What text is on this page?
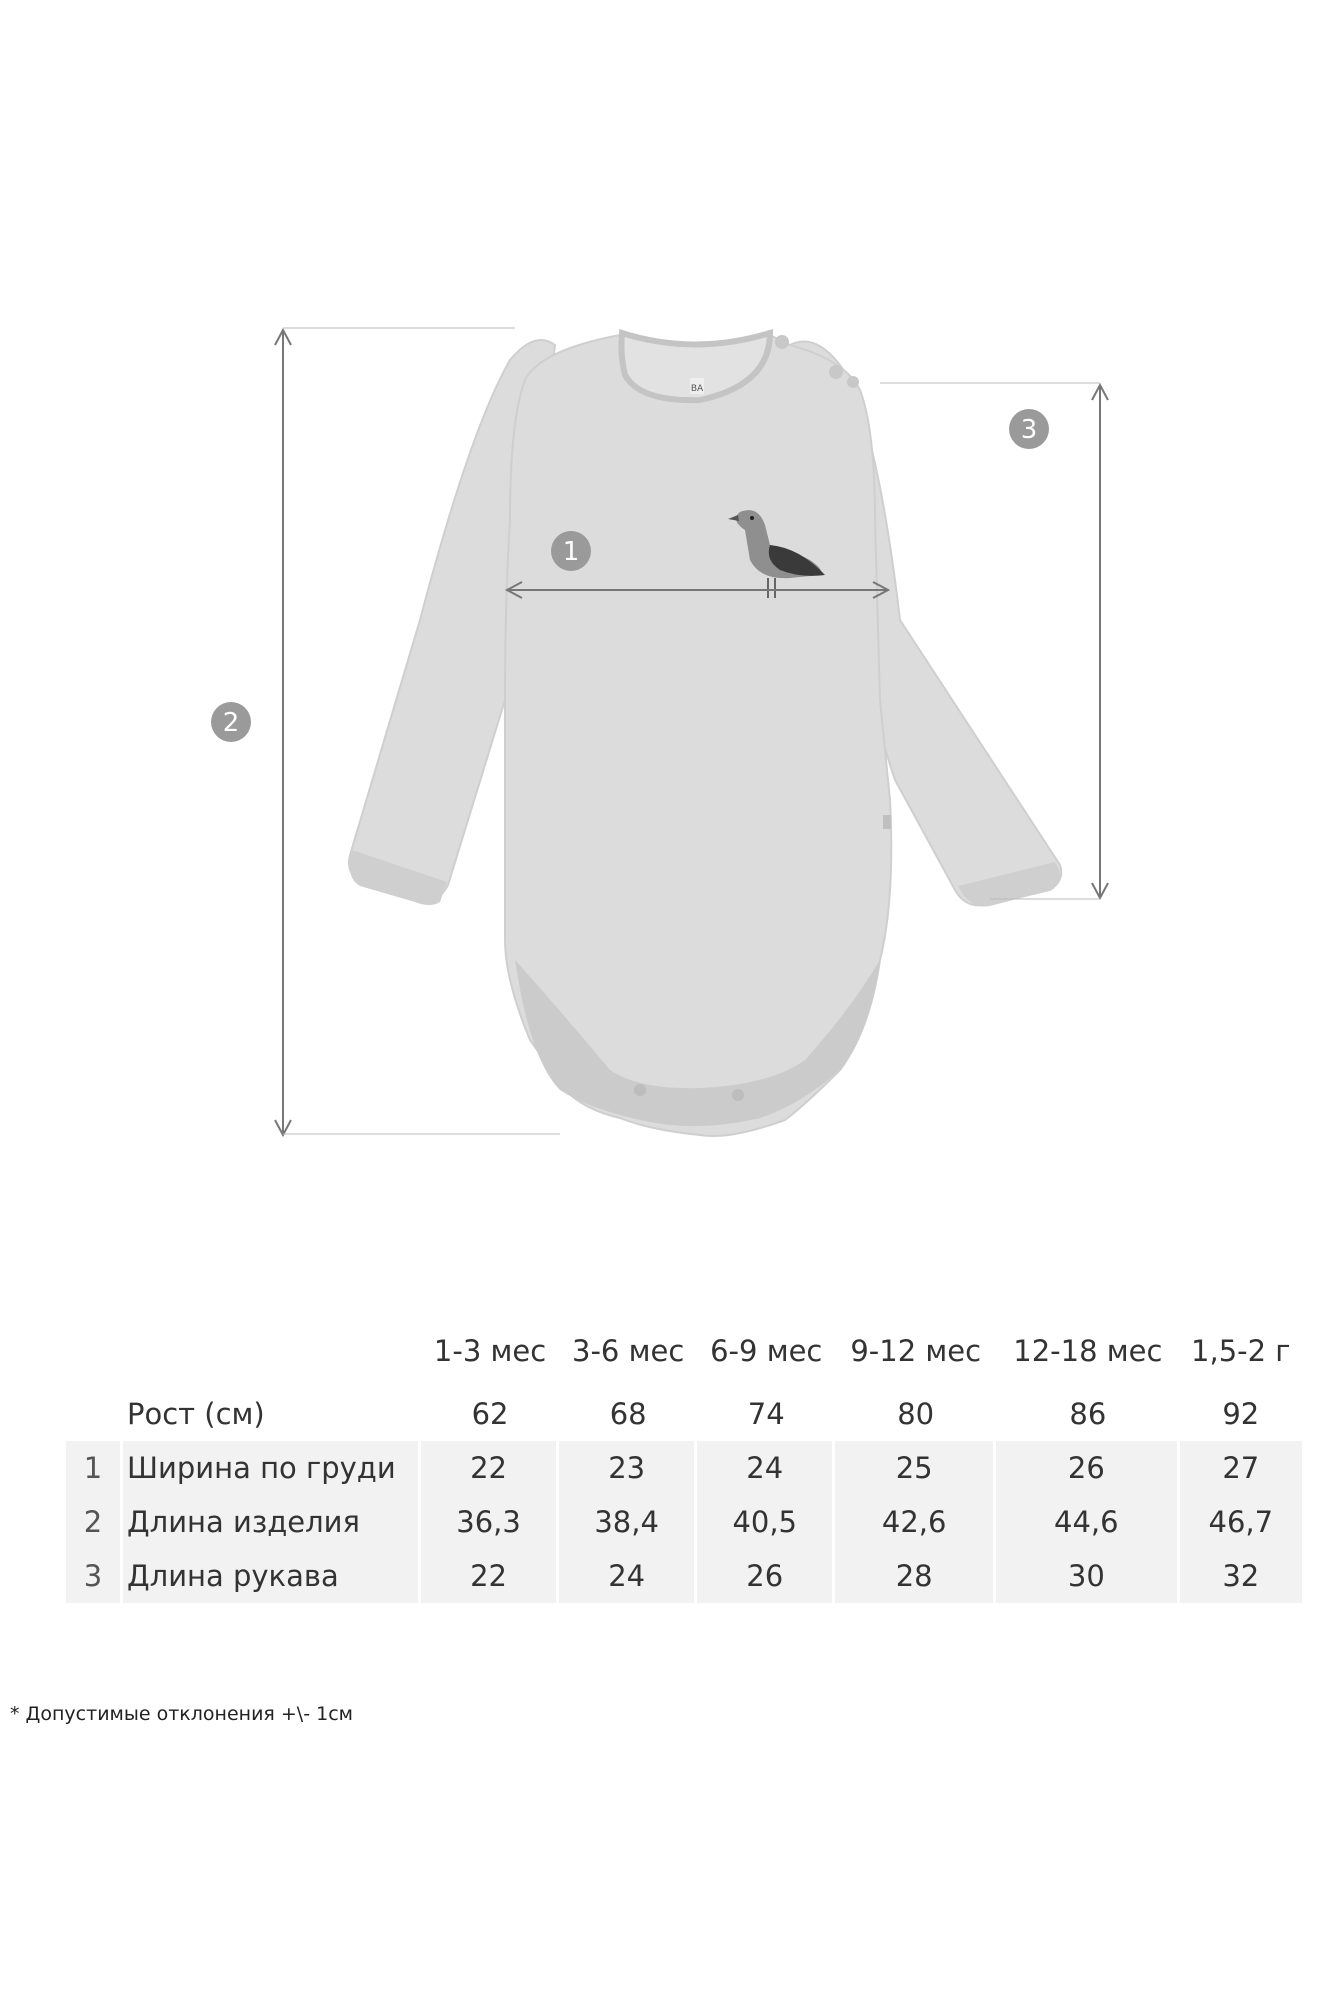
BA
1
2
3
		1-3 мес	3-6 мес	6-9 мес	9-12 мес	12-18 мес	1,5-2 г
	Рост (см)	62	68	74	80	86	92
1	Ширина по груди	22	23	24	25	26	27
2	Длина изделия	36,3	38,4	40,5	42,6	44,6	46,7
3	Длина рукава	22	24	26	28	30	32
* Допустимые отклонения +\- 1см
